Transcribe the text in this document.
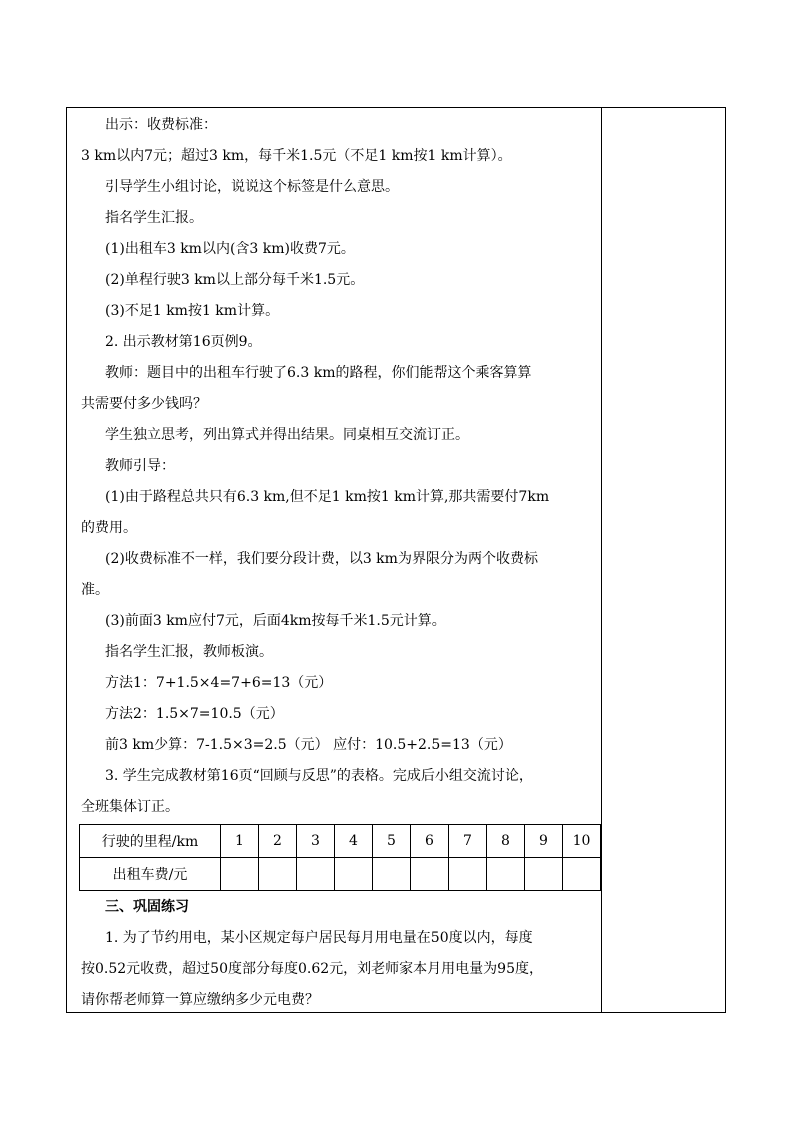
出示：收费标准：
3 km以内7元；超过3 km，每千米1.5元（不足1 km按1 km计算）。
引导学生小组讨论，说说这个标签是什么意思。
指名学生汇报。
(1)出租车3 km以内(含3 km)收费7元。
(2)单程行驶3 km以上部分每千米1.5元。
(3)不足1 km按1 km计算。
2. 出示教材第16页例9。
教师：题目中的出租车行驶了6.3 km的路程，你们能帮这个乘客算算
共需要付多少钱吗？
学生独立思考，列出算式并得出结果。同桌相互交流订正。
教师引导：
(1)由于路程总共只有6.3 km,但不足1 km按1 km计算,那共需要付7km
的费用。
(2)收费标准不一样，我们要分段计费，以3 km为界限分为两个收费标
准。
(3)前面3 km应付7元，后面4km按每千米1.5元计算。
指名学生汇报，教师板演。
方法1：7+1.5×4=7+6=13（元）
方法2：1.5×7=10.5（元）
前3 km少算：7-1.5×3=2.5（元） 应付：10.5+2.5=13（元）
3. 学生完成教材第16页“回顾与反思”的表格。完成后小组交流讨论，
全班集体订正。
行驶的里程/km	1	2	3	4	5	6	7	8	9	10
出租车费/元										
三、巩固练习
1. 为了节约用电，某小区规定每户居民每月用电量在50度以内，每度
按0.52元收费，超过50度部分每度0.62元，刘老师家本月用电量为95度，
请你帮老师算一算应缴纳多少元电费？
